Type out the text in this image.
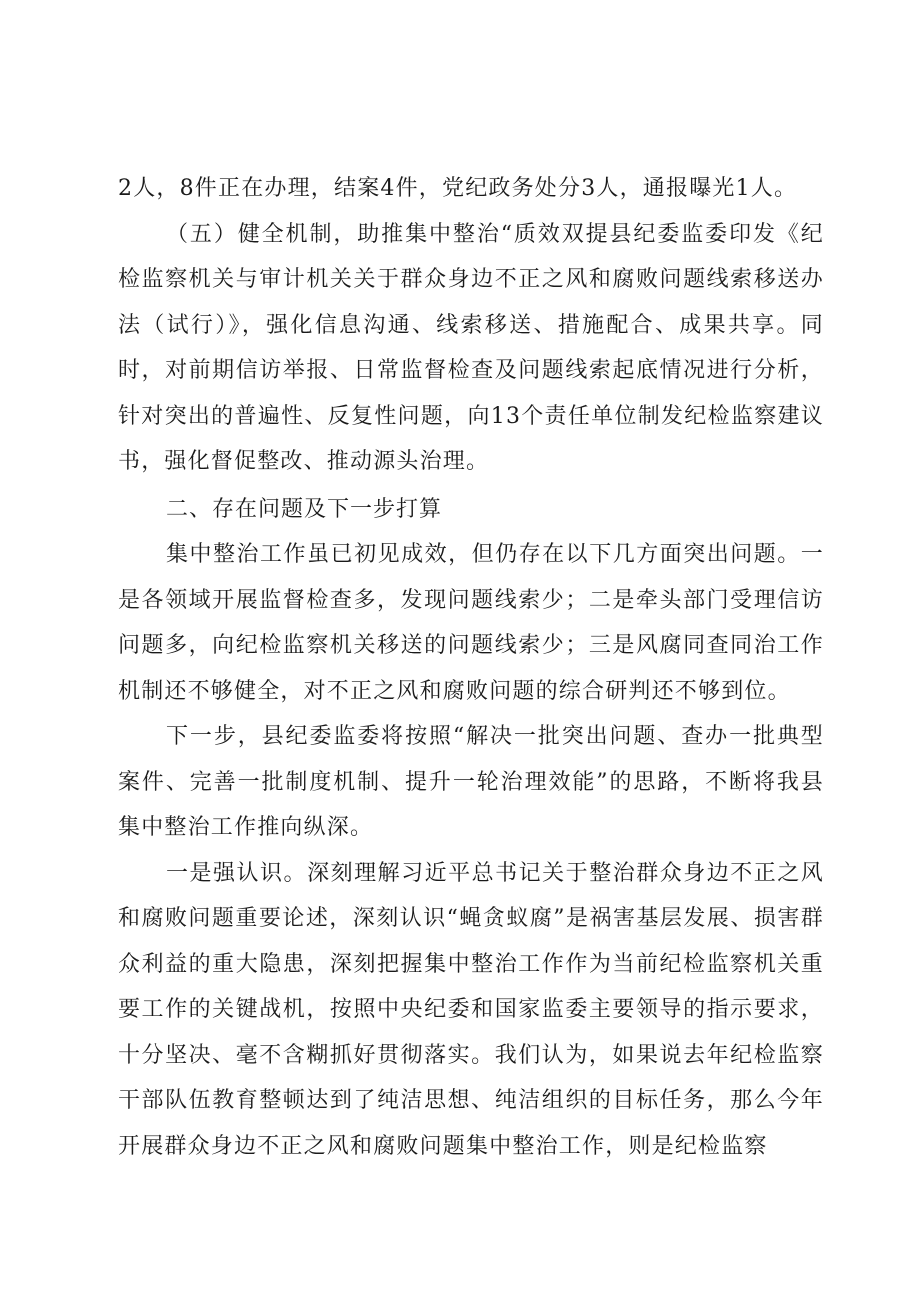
2人，8件正在办理，结案4件，党纪政务处分3人，通报曝光1人。

（五）健全机制，助推集中整治“质效双提县纪委监委印发《纪检监察机关与审计机关关于群众身边不正之风和腐败问题线索移送办法（试行）》，强化信息沟通、线索移送、措施配合、成果共享。同时，对前期信访举报、日常监督检查及问题线索起底情况进行分析，针对突出的普遍性、反复性问题，向13个责任单位制发纪检监察建议书，强化督促整改、推动源头治理。

二、存在问题及下一步打算

集中整治工作虽已初见成效，但仍存在以下几方面突出问题。一是各领域开展监督检查多，发现问题线索少；二是牵头部门受理信访问题多，向纪检监察机关移送的问题线索少；三是风腐同查同治工作机制还不够健全，对不正之风和腐败问题的综合研判还不够到位。

下一步，县纪委监委将按照“解决一批突出问题、查办一批典型案件、完善一批制度机制、提升一轮治理效能”的思路，不断将我县集中整治工作推向纵深。

一是强认识。深刻理解习近平总书记关于整治群众身边不正之风和腐败问题重要论述，深刻认识“蝇贪蚁腐”是祸害基层发展、损害群众利益的重大隐患，深刻把握集中整治工作作为当前纪检监察机关重要工作的关键战机，按照中央纪委和国家监委主要领导的指示要求，十分坚决、毫不含糊抓好贯彻落实。我们认为，如果说去年纪检监察干部队伍教育整顿达到了纯洁思想、纯洁组织的目标任务，那么今年开展群众身边不正之风和腐败问题集中整治工作，则是纪检监察
